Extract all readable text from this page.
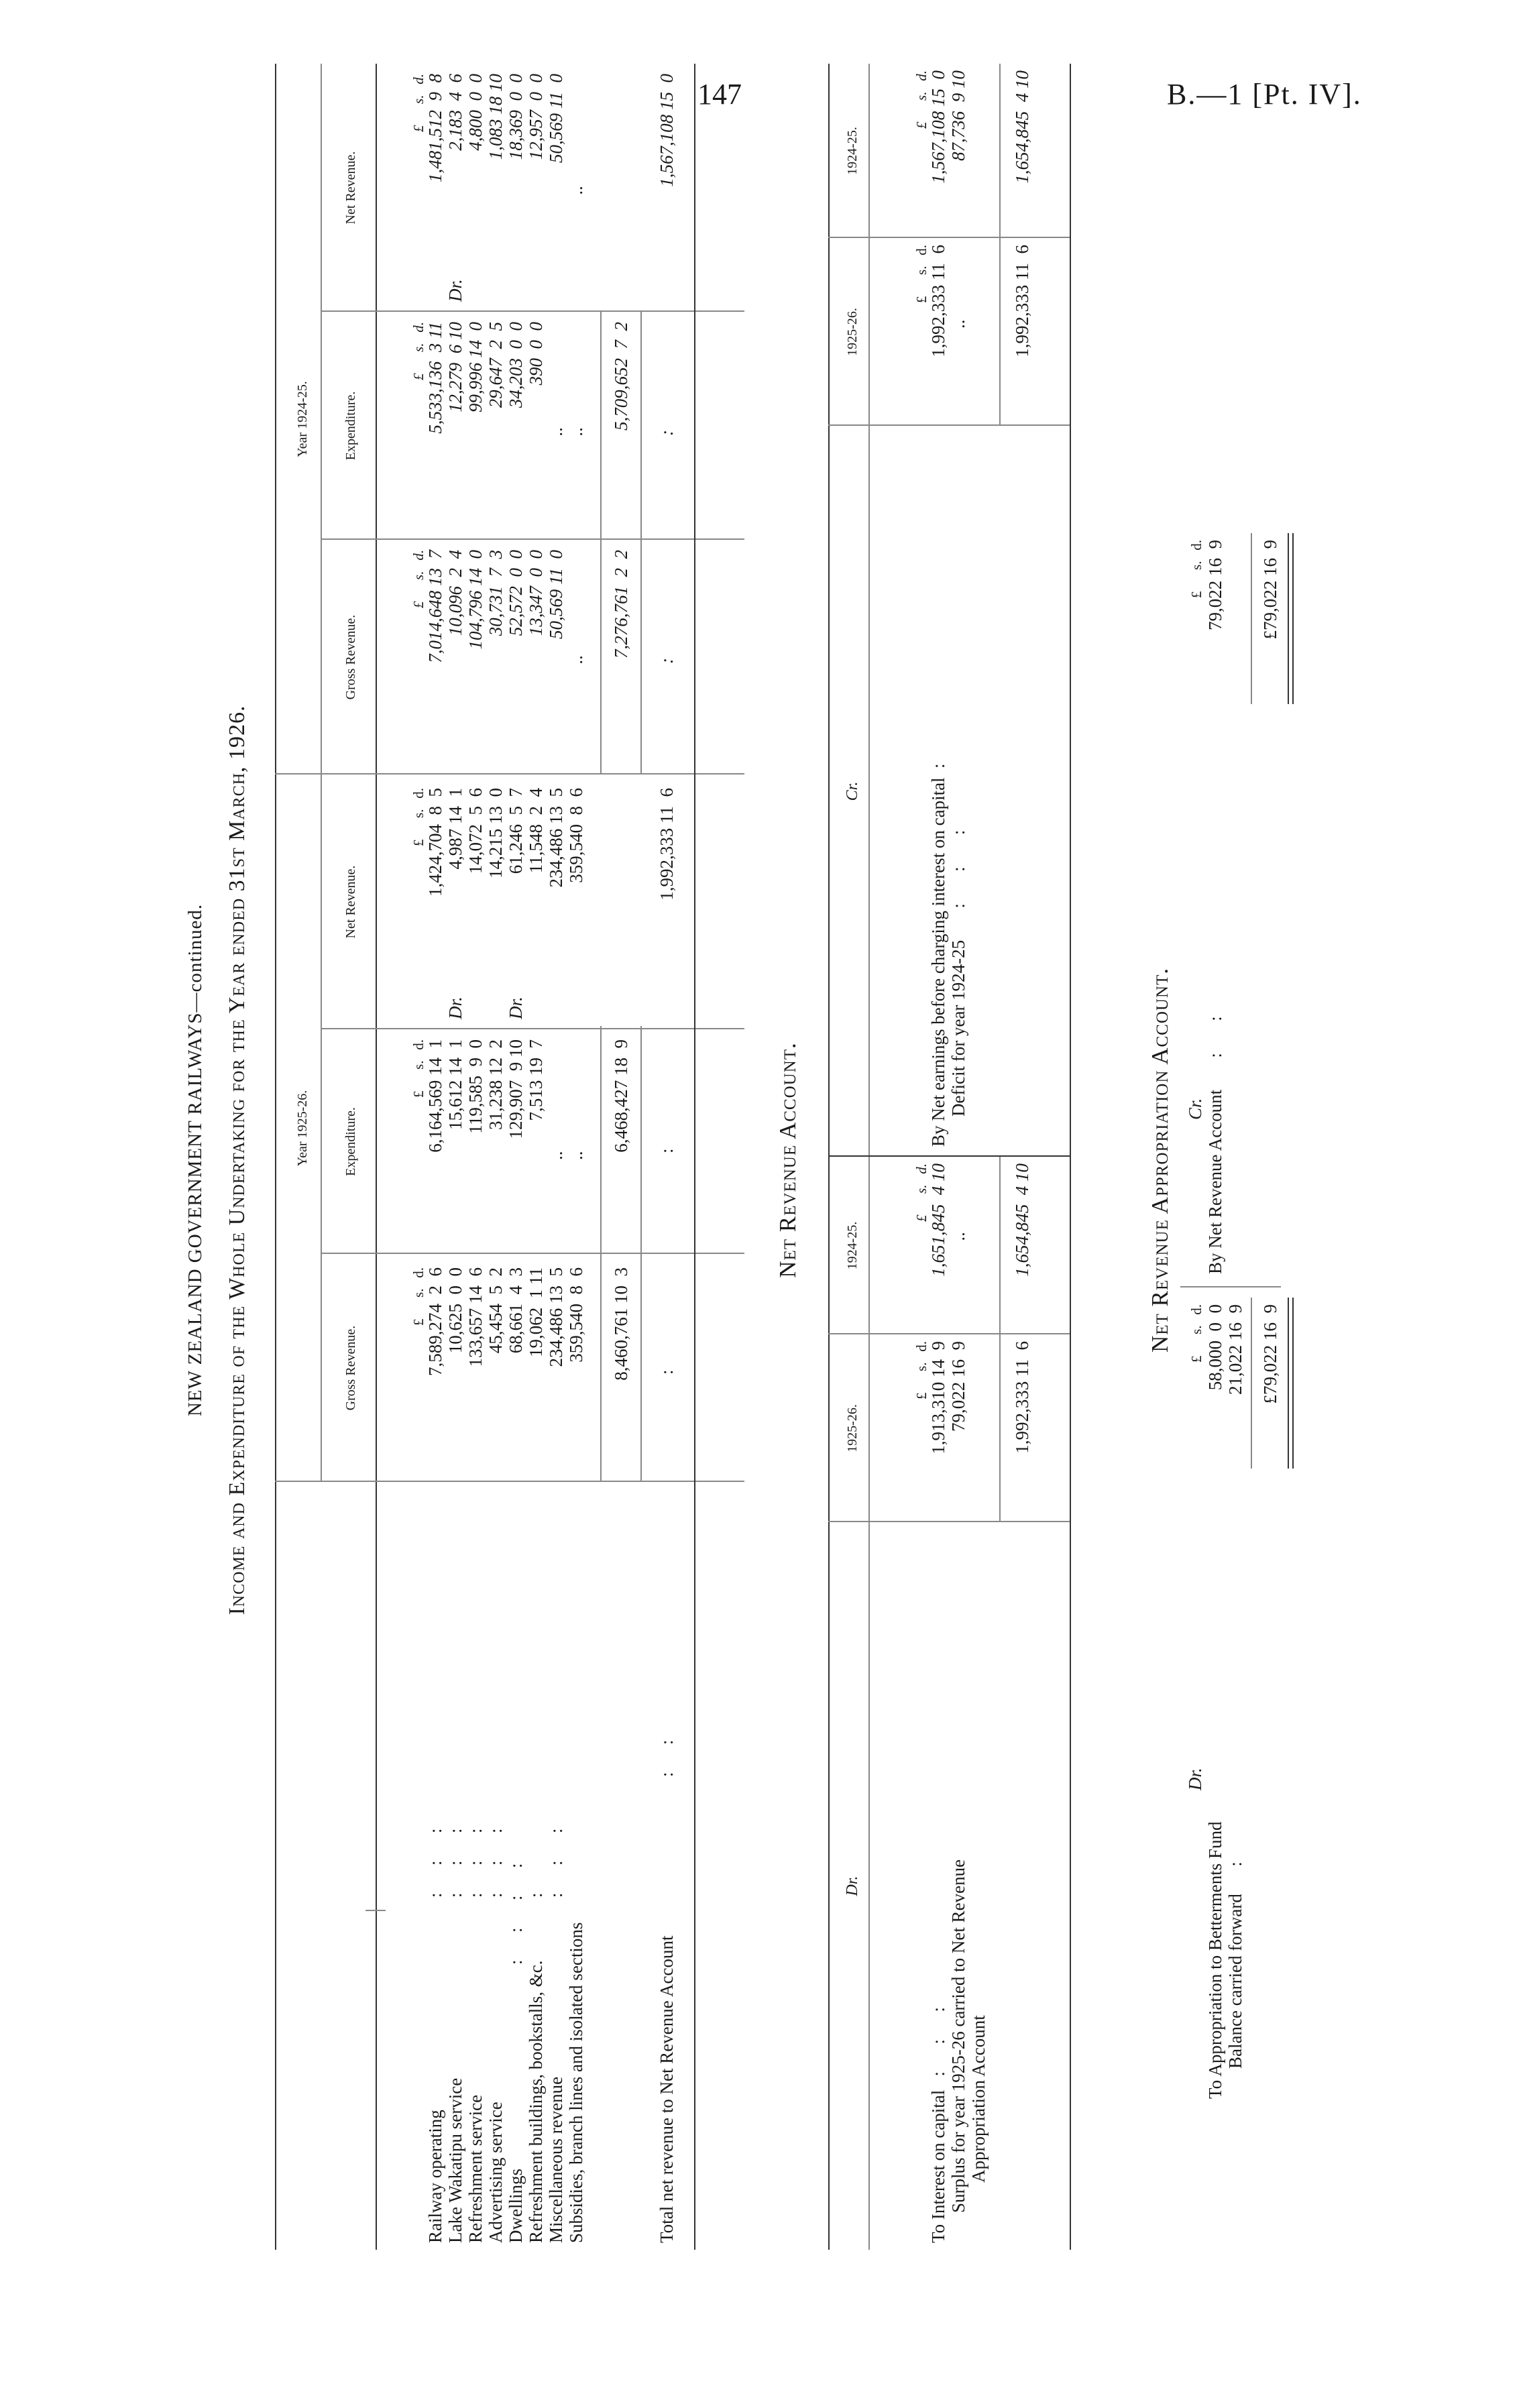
147	B.—1 [Pt. IV].
NEW ZEALAND GOVERNMENT RAILWAYS—continued. Income and Expenditure of the Whole Undertaking for the Year ended 31st March, 1926.	Year 1925-26.
Year 1924-25.
Gross Revenue.
Expenditure.
Net Revenue.
Gross Revenue.
Expenditure.
Net Revenue.
£      s.   d.
£      s.   d.
£      s.   d.
£      s.   d.
£      s.   d.
£      s.   d.
Railway operating
:      :      :
7,589,274  2  6
6,164,569 14  1
1,424,704  8  5
7,014,648 13  7
5,533,136  3 11
1,481,512  9  8
Lake Wakatipu service
:      :      :
10,625  0  0
15,612 14  1
Dr.
4,987 14  1
10,096  2  4
12,279  6 10
Dr.
2,183  4  6
Refreshment service
:      :      :
133,657 14  6
119,585  9  0
14,072  5  6
104,796 14  0
99,996 14  0
4,800  0  0
Advertising service
:      :      :
45,454  5  2
31,238 12  2
14,215 13  0
30,731  7  3
29,647  2  5
1,083 18 10
Dwellings
:      :      :      :
68,661  4  3
129,907  9 10
Dr.
61,246  5  7
52,572  0  0
34,203  0  0
18,369  0  0
Refreshment buildings, bookstalls, &c.
:
19,062  1 11
7,513 19  7
11,548  2  4
13,347  0  0
390  0  0
12,957  0  0
Miscellaneous revenue
:      :      :
234,486 13  5
..
234,486 13  5
50,569 11  0
..
50,569 11  0
Subsidies, branch lines and isolated sections
359,540  8  6
..
359,540  8  6
..
..
..
8,460,761 10  3
6,468,427 18  9
7,276,761  2  2
5,709,652  7  2
Total net revenue to Net Revenue Account
:      :
:
:
1,992,333 11  6
:
:
1,567,108 15  0
Net Revenue Account.
Dr.
1925-26.
1924-25.
Cr.
1925-26.
1924-25.
£      s.   d.
£      s.   d.
£      s.   d.
£      s.   d.
To Interest on capital   :      :      :
1,913,310 14  9
1,651,845  4 10
Surplus for year 1925-26 carried to Net Revenue
79,022 16  9
..
Appropriation Account
1,992,333 11  6
1,654,845  4 10
By Net earnings before charging interest on capital  :
1,992,333 11  6
1,567,108 15  0
Deficit for year 1924-25       :       :       :
..
87,736  9 10
1,992,333 11  6
1,654,845  4 10
Net Revenue Appropriation Account.
Dr.
Cr.
£      s.   d.
£      s.   d.
To Appropriation to Betterments Fund
58,000  0  0
Balance carried forward      :
21,022 16  9 £79,022 16  9
By Net Revenue Account       :       :
79,022 16  9 £79,022 16  9
